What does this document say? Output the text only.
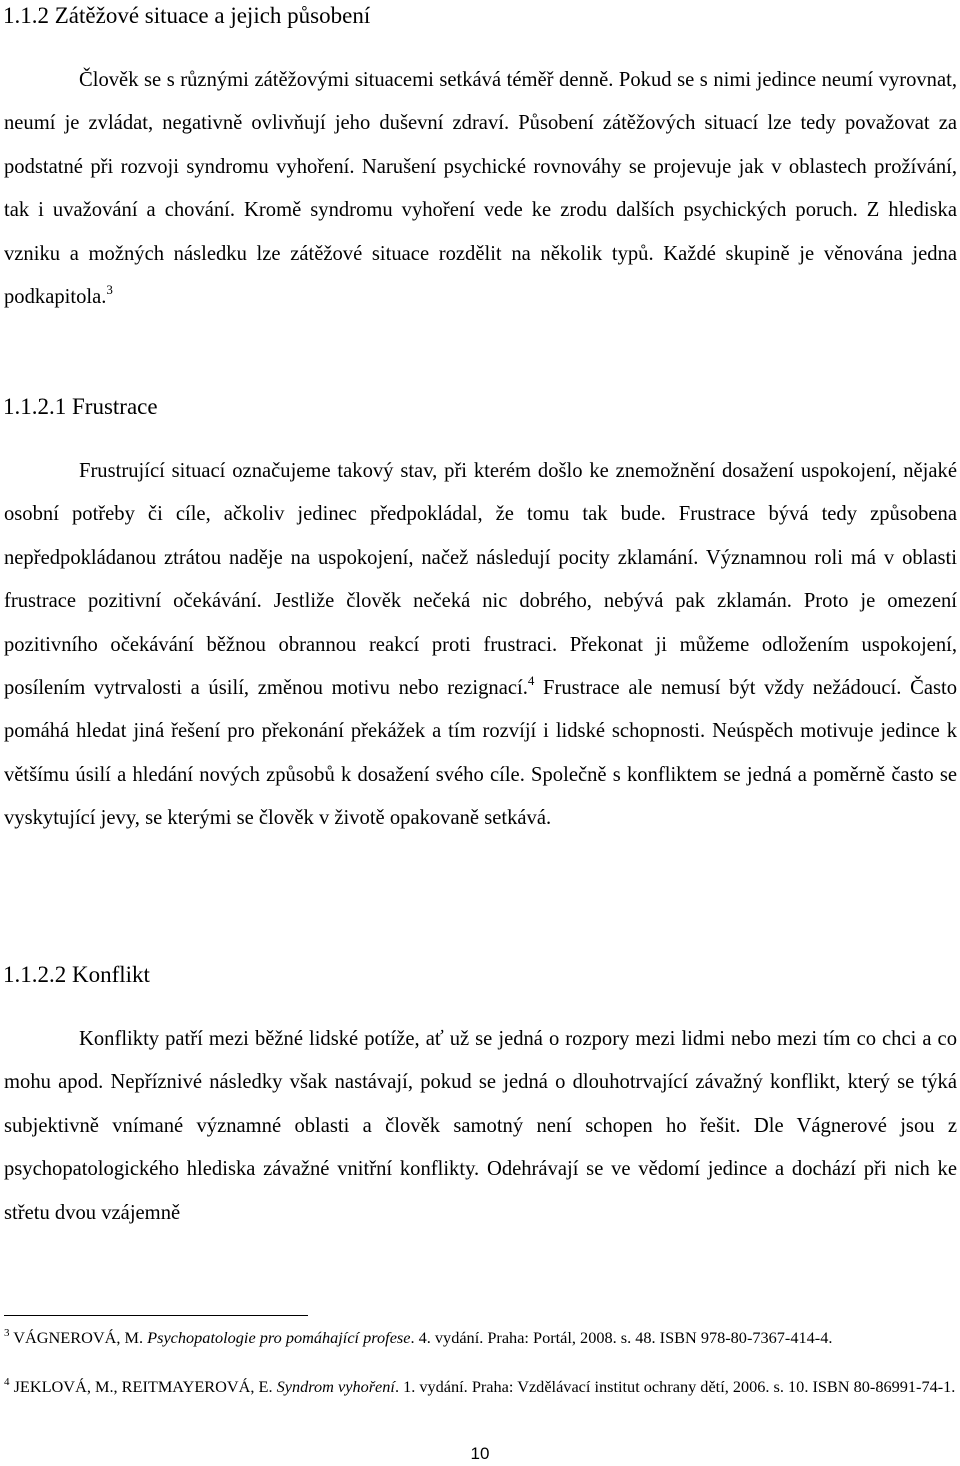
1.1.2 Zátěžové situace a jejich působení

Člověk se s různými zátěžovými situacemi setkává téměř denně. Pokud se s nimi jedince neumí vyrovnat, neumí je zvládat, negativně ovlivňují jeho duševní zdraví. Působení zátěžových situací lze tedy považovat za podstatné při rozvoji syndromu vyhoření. Narušení psychické rovnováhy se projevuje jak v oblastech prožívání, tak i uvažování a chování. Kromě syndromu vyhoření vede ke zrodu dalších psychických poruch. Z hlediska vzniku a možných následku lze zátěžové situace rozdělit na několik typů. Každé skupině je věnována jedna podkapitola.$^3$

1.1.2.1 Frustrace

Frustrující situací označujeme takový stav, při kterém došlo ke znemožnění dosažení uspokojení, nějaké osobní potřeby či cíle, ačkoliv jedinec předpokládal, že tomu tak bude. Frustrace bývá tedy způsobena nepředpokládanou ztrátou naděje na uspokojení, načež následují pocity zklamání. Významnou roli má v oblasti frustrace pozitivní očekávání. Jestliže člověk nečeká nic dobrého, nebývá pak zklamán. Proto je omezení pozitivního očekávání běžnou obrannou reakcí proti frustraci. Překonat ji můžeme odložením uspokojení, posílením vytrvalosti a úsilí, změnou motivu nebo rezignací.$^4$ Frustrace ale nemusí být vždy nežádoucí. Často pomáhá hledat jiná řešení pro překonání překážek a tím rozvíjí i lidské schopnosti. Neúspěch motivuje jedince k většímu úsilí a hledání nových způsobů k dosažení svého cíle. Společně s konfliktem se jedná a poměrně často se vyskytující jevy, se kterými se člověk v životě opakovaně setkává.

1.1.2.2 Konflikt

Konflikty patří mezi běžné lidské potíže, ať už se jedná o rozpory mezi lidmi nebo mezi tím co chci a co mohu apod. Nepříznivé následky však nastávají, pokud se jedná o dlouhotrvající závažný konflikt, který se týká subjektivně vnímané významné oblasti a člověk samotný není schopen ho řešit. Dle Vágnerové jsou z psychopatologického hlediska závažné vnitřní konflikty. Odehrávají se ve vědomí jedince a dochází při nich ke střetu dvou vzájemně

$^3$ VÁGNEROVÁ, M. Psychopatologie pro pomáhající profese. 4. vydání. Praha: Portál, 2008. s. 48. ISBN 978-80-7367-414-4.

$^4$ JEKLOVÁ, M., REITMAYEROVÁ, E. Syndrom vyhoření. 1. vydání. Praha: Vzdělávací institut ochrany dětí, 2006. s. 10. ISBN 80-86991-74-1.

10
